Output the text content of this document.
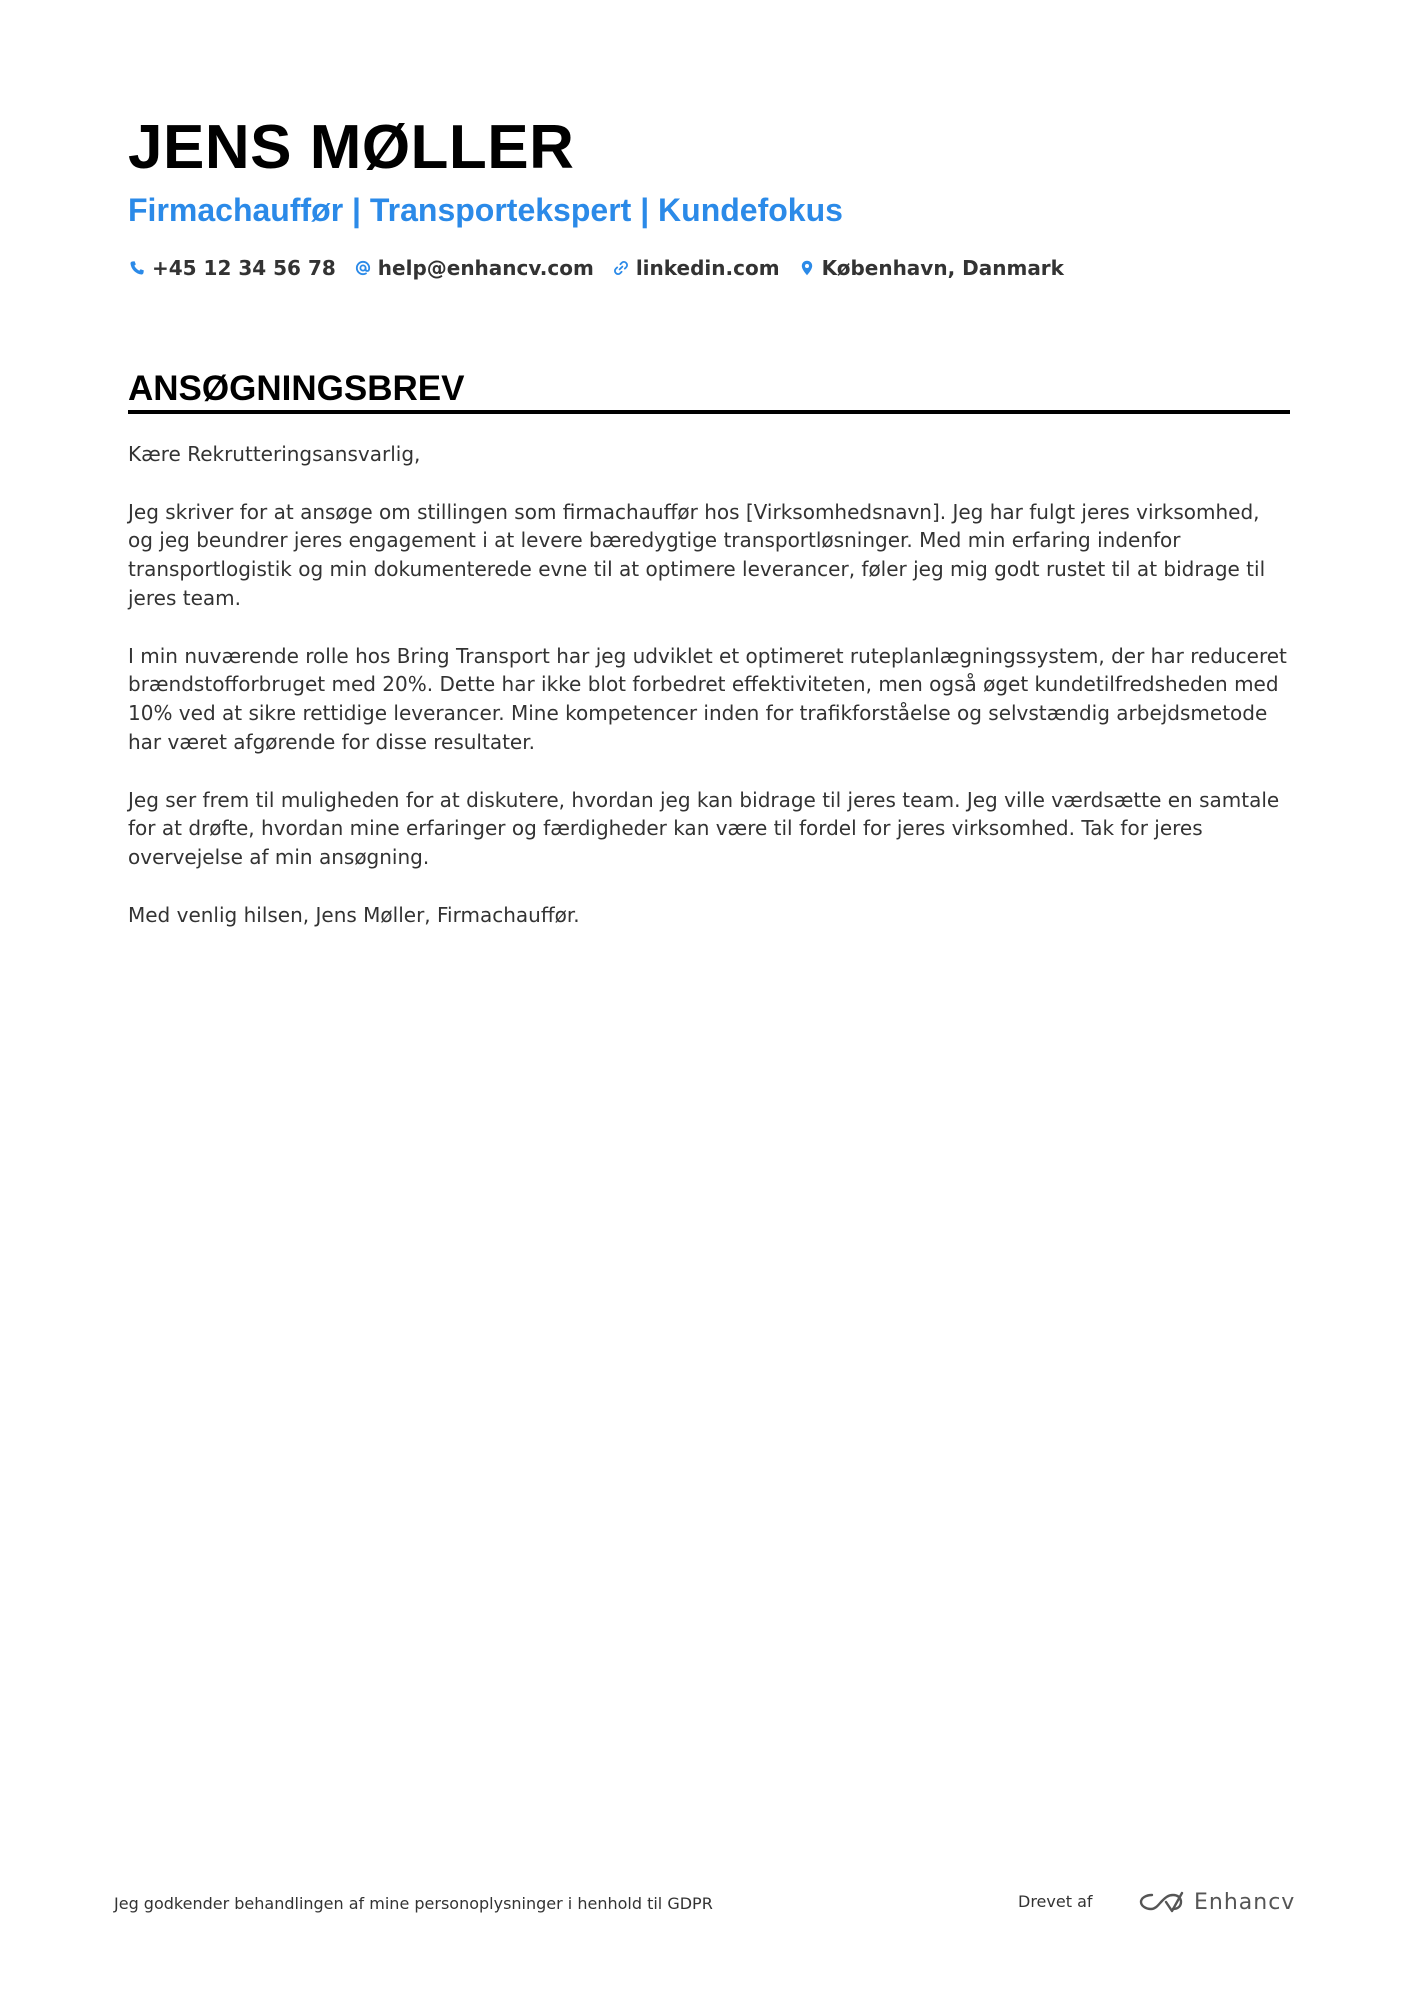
JENS MØLLER
Firmachauffør | Transportekspert | Kundefokus
+45 12 34 56 78 help@enhancv.com linkedin.com København, Danmark
ANSØGNINGSBREV

Kære Rekrutteringsansvarlig,

Jeg skriver for at ansøge om stillingen som firmachauffør hos [Virksomhedsnavn]. Jeg har fulgt jeres virksomhed, og jeg beundrer jeres engagement i at levere bæredygtige transportløsninger. Med min erfaring indenfor transportlogistik og min dokumenterede evne til at optimere leverancer, føler jeg mig godt rustet til at bidrage til jeres team.

I min nuværende rolle hos Bring Transport har jeg udviklet et optimeret ruteplanlægningssystem, der har reduceret brændstofforbruget med 20%. Dette har ikke blot forbedret effektiviteten, men også øget kundetilfredsheden med 10% ved at sikre rettidige leverancer. Mine kompetencer inden for trafikforståelse og selvstændig arbejdsmetode har været afgørende for disse resultater.

Jeg ser frem til muligheden for at diskutere, hvordan jeg kan bidrage til jeres team. Jeg ville værdsætte en samtale for at drøfte, hvordan mine erfaringer og færdigheder kan være til fordel for jeres virksomhed. Tak for jeres overvejelse af min ansøgning.

Med venlig hilsen, Jens Møller, Firmachauffør.

Jeg godkender behandlingen af mine personoplysninger i henhold til GDPR	Drevet af	Enhancv
